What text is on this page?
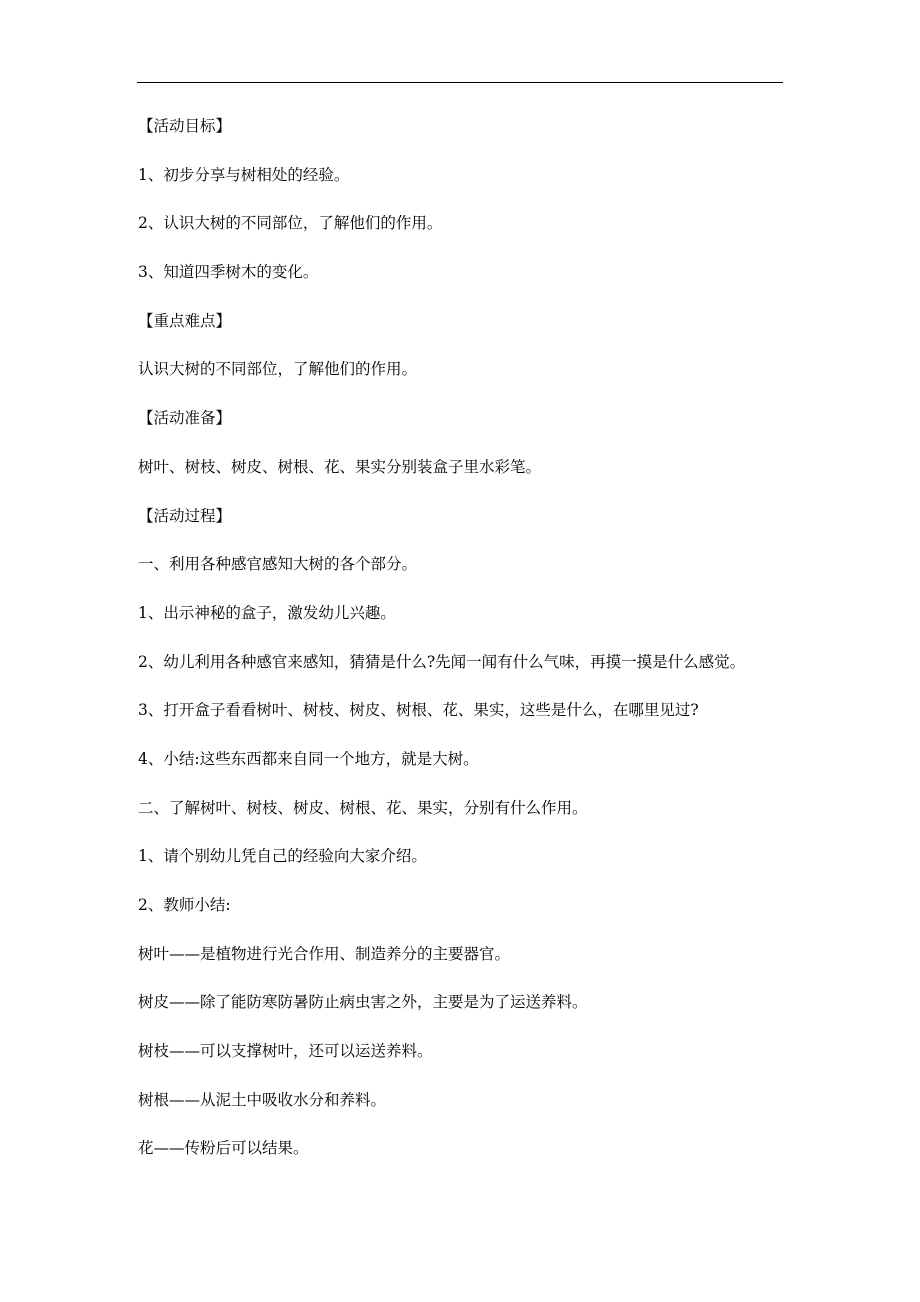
【活动目标】
1、初步分享与树相处的经验。
2、认识大树的不同部位，了解他们的作用。
3、知道四季树木的变化。
【重点难点】
认识大树的不同部位，了解他们的作用。
【活动准备】
树叶、树枝、树皮、树根、花、果实分别装盒子里水彩笔。
【活动过程】
一、利用各种感官感知大树的各个部分。
1、出示神秘的盒子，激发幼儿兴趣。
2、幼儿利用各种感官来感知，猜猜是什么?先闻一闻有什么气味，再摸一摸是什么感觉。
3、打开盒子看看树叶、树枝、树皮、树根、花、果实，这些是什么，在哪里见过?
4、小结:这些东西都来自同一个地方，就是大树。
二、了解树叶、树枝、树皮、树根、花、果实，分别有什么作用。
1、请个别幼儿凭自己的经验向大家介绍。
2、教师小结:
树叶——是植物进行光合作用、制造养分的主要器官。
树皮——除了能防寒防暑防止病虫害之外，主要是为了运送养料。
树枝——可以支撑树叶，还可以运送养料。
树根——从泥土中吸收水分和养料。
花——传粉后可以结果。
